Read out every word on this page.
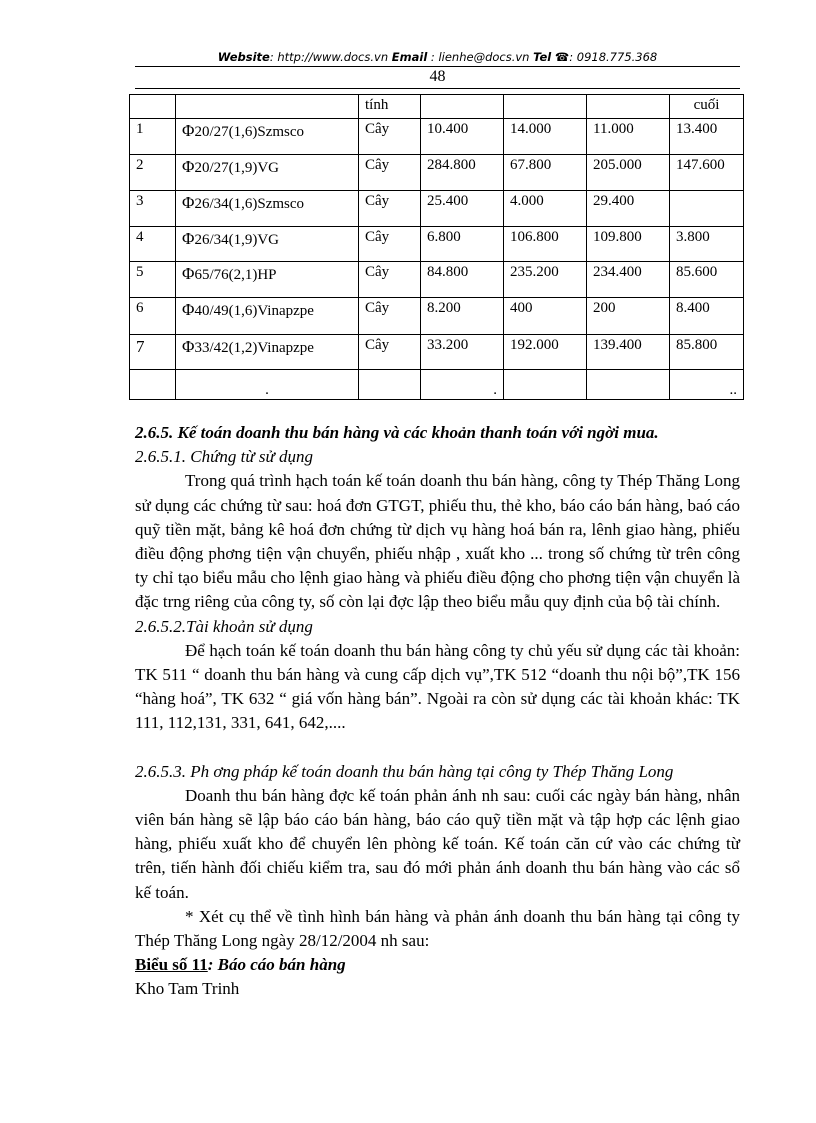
Website: http://www.docs.vn Email : lienhe@docs.vn Tel ☎: 0918.775.368
48
		tính				cuối
1	Φ20/27(1,6)Szmsco	Cây	10.400	14.000	11.000	13.400
2	Φ20/27(1,9)VG	Cây	284.800	67.800	205.000	147.600
3	Φ26/34(1,6)Szmsco	Cây	25.400	4.000	29.400	
4	Φ26/34(1,9)VG	Cây	6.800	106.800	109.800	3.800
5	Φ65/76(2,1)HP	Cây	84.800	235.200	234.400	85.600
6	Φ40/49(1,6)Vinapzpe	Cây	8.200	400	200	8.400
7	Φ33/42(1,2)Vinapzpe	Cây	33.200	192.000	139.400	85.800
	.		.			..
2.6.5. Kế toán doanh thu bán hàng và các khoản thanh toán với ngời mua.
2.6.5.1. Chứng từ sử dụng

Trong quá trình hạch toán kế toán doanh thu bán hàng, công ty Thép Thăng Long sử dụng các chứng từ sau: hoá đơn GTGT, phiếu thu, thẻ kho, báo cáo bán hàng, baó cáo quỹ tiền mặt, bảng kê hoá đơn chứng từ dịch vụ hàng hoá bán ra, lênh giao hàng, phiếu điều động phơng tiện vận chuyển, phiếu nhập , xuất kho ... trong số chứng từ trên công ty chỉ tạo biểu mẫu cho lệnh giao hàng và phiếu điều động cho phơng tiện vận chuyển là đặc trng riêng của công ty, số còn lại đợc lập theo biểu mẫu quy định của bộ tài chính.

2.6.5.2.Tài khoản sử dụng

Để hạch toán kế toán doanh thu bán hàng công ty chủ yếu sử dụng các tài khoản: TK 511 “ doanh thu bán hàng và cung cấp dịch vụ”,TK 512 “doanh thu nội bộ”,TK 156 “hàng hoá”, TK 632 “ giá vốn hàng bán”. Ngoài ra còn sử dụng các tài khoản khác: TK 111, 112,131, 331, 641, 642,....

2.6.5.3. Ph ơng pháp kế toán doanh thu bán hàng tại công ty Thép Thăng Long

Doanh thu bán hàng đợc kế toán phản ánh nh sau: cuối các ngày bán hàng, nhân viên bán hàng sẽ lập báo cáo bán hàng, báo cáo quỹ tiền mặt và tập hợp các lệnh giao hàng, phiếu xuất kho để chuyển lên phòng kế toán. Kế toán căn cứ vào các chứng từ trên, tiến hành đối chiếu kiểm tra, sau đó mới phản ánh doanh thu bán hàng vào các sổ kế toán.

* Xét cụ thể về tình hình bán hàng và phản ánh doanh thu bán hàng tại công ty Thép Thăng Long ngày 28/12/2004 nh sau:

Biểu số 11: Báo cáo bán hàng
Kho Tam Trinh
